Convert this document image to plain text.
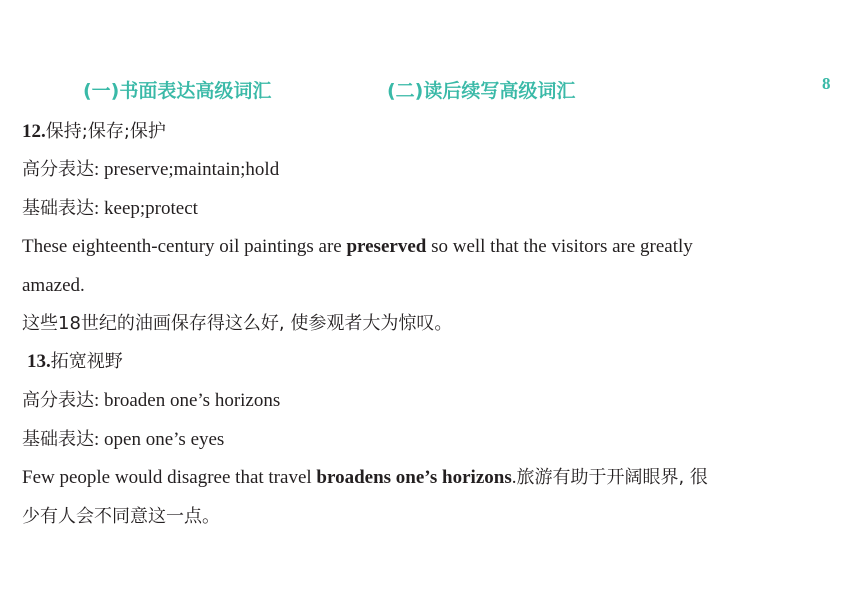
(一)书面表达高级词汇	(二)读后续写高级词汇	8
12.保持;保存;保护
高分表达: preserve;maintain;hold
基础表达: keep;protect
These eighteenth-century oil paintings are preserved so well that the visitors are greatly
amazed.
这些18世纪的油画保存得这么好, 使参观者大为惊叹。
13.拓宽视野
高分表达: broaden one’s horizons
基础表达: open one’s eyes
Few people would disagree that travel broadens one’s horizons.旅游有助于开阔眼界, 很
少有人会不同意这一点。
